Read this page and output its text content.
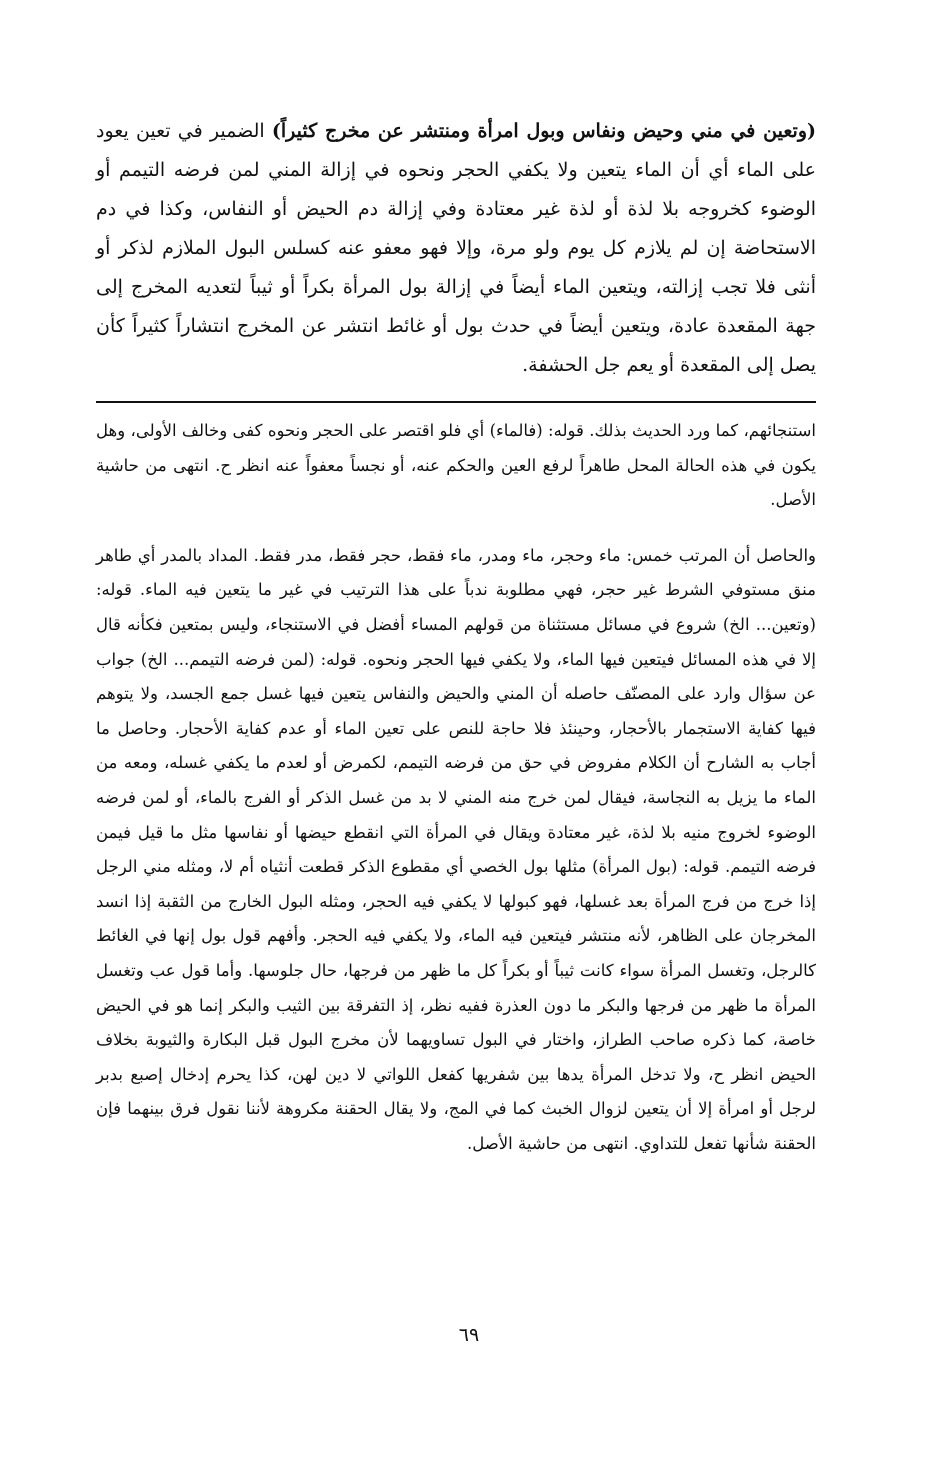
(وتعين في مني وحيض ونفاس وبول امرأة ومنتشر عن مخرج كثيراً) الضمير في تعين يعود على الماء أي أن الماء يتعين ولا يكفي الحجر ونحوه في إزالة المني لمن فرضه التيمم أو الوضوء كخروجه بلا لذة أو لذة غير معتادة وفي إزالة دم الحيض أو النفاس، وكذا في دم الاستحاضة إن لم يلازم كل يوم ولو مرة، وإلا فهو معفو عنه كسلس البول الملازم لذكر أو أنثى فلا تجب إزالته، ويتعين الماء أيضاً في إزالة بول المرأة بكراً أو ثيباً لتعديه المخرج إلى جهة المقعدة عادة، ويتعين أيضاً في حدث بول أو غائط انتشر عن المخرج انتشاراً كثيراً كأن يصل إلى المقعدة أو يعم جل الحشفة.

استنجائهم، كما ورد الحديث بذلك. قوله: (فالماء) أي فلو اقتصر على الحجر ونحوه كفى وخالف الأولى، وهل يكون في هذه الحالة المحل طاهراً لرفع العين والحكم عنه، أو نجساً معفواً عنه انظر ح. انتهى من حاشية الأصل.

والحاصل أن المرتب خمس: ماء وحجر، ماء ومدر، ماء فقط، حجر فقط، مدر فقط. المداد بالمدر أي طاهر منق مستوفي الشرط غير حجر، فهي مطلوبة ندباً على هذا الترتيب في غير ما يتعين فيه الماء. قوله: (وتعين... الخ) شروع في مسائل مستثناة من قولهم المساء أفضل في الاستنجاء، وليس بمتعين فكأنه قال إلا في هذه المسائل فيتعين فيها الماء، ولا يكفي فيها الحجر ونحوه. قوله: (لمن فرضه التيمم... الخ) جواب عن سؤال وارد على المصنّف حاصله أن المني والحيض والنفاس يتعين فيها غسل جمع الجسد، ولا يتوهم فيها كفاية الاستجمار بالأحجار، وحينئذ فلا حاجة للنص على تعين الماء أو عدم كفاية الأحجار. وحاصل ما أجاب به الشارح أن الكلام مفروض في حق من فرضه التيمم، لكمرض أو لعدم ما يكفي غسله، ومعه من الماء ما يزيل به النجاسة، فيقال لمن خرج منه المني لا بد من غسل الذكر أو الفرج بالماء، أو لمن فرضه الوضوء لخروج منيه بلا لذة، غير معتادة ويقال في المرأة التي انقطع حيضها أو نفاسها مثل ما قيل فيمن فرضه التيمم. قوله: (بول المرأة) مثلها بول الخصي أي مقطوع الذكر قطعت أنثياه أم لا، ومثله مني الرجل إذا خرج من فرج المرأة بعد غسلها، فهو كبولها لا يكفي فيه الحجر، ومثله البول الخارج من الثقبة إذا انسد المخرجان على الظاهر، لأنه منتشر فيتعين فيه الماء، ولا يكفي فيه الحجر. وأفهم قول بول إنها في الغائط كالرجل، وتغسل المرأة سواء كانت ثيباً أو بكراً كل ما ظهر من فرجها، حال جلوسها. وأما قول عب وتغسل المرأة ما ظهر من فرجها والبكر ما دون العذرة ففيه نظر، إذ التفرقة بين الثيب والبكر إنما هو في الحيض خاصة، كما ذكره صاحب الطراز، واختار في البول تساويهما لأن مخرج البول قبل البكارة والثيوبة بخلاف الحيض انظر ح، ولا تدخل المرأة يدها بين شفريها كفعل اللواتي لا دين لهن، كذا يحرم إدخال إصبع بدبر لرجل أو امرأة إلا أن يتعين لزوال الخبث كما في المج، ولا يقال الحقنة مكروهة لأننا نقول فرق بينهما فإن الحقنة شأنها تفعل للتداوي. انتهى من حاشية الأصل.

٦٩
